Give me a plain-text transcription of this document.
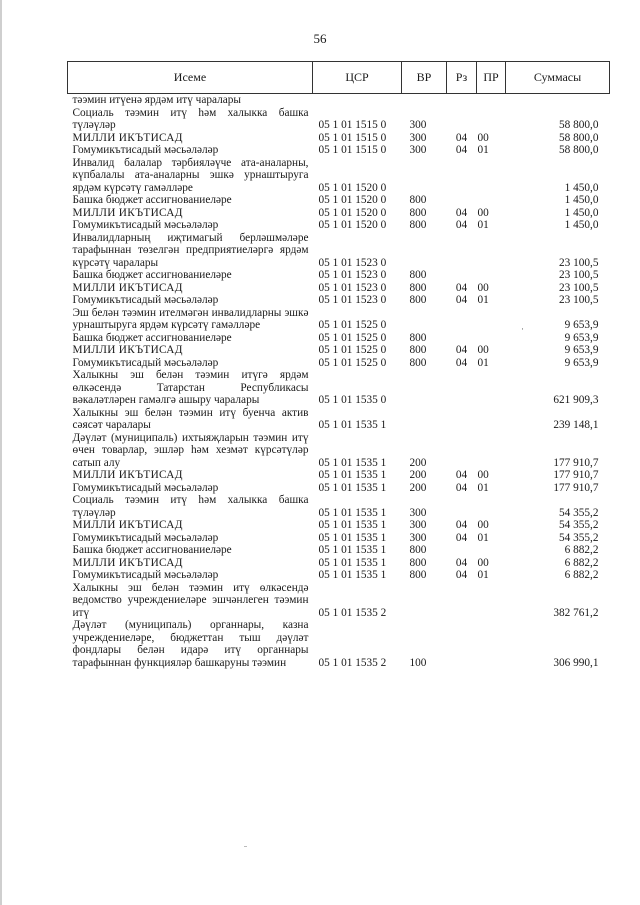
56
Исеме	ЦСР	ВР	Рз	ПР	Суммасы
тәэмин итүенә ярдәм итү чаралары					
Социаль тәэмин итү һәм халыкка башка түләүләр	05 1 01 1515 0	300			58 800,0
МИЛЛИ ИКЪТИСАД	05 1 01 1515 0	300	04	00	58 800,0
Гомумикътисадый мәсьәләләр	05 1 01 1515 0	300	04	01	58 800,0
Инвалид балалар тәрбияләүче ата-аналарны, күпбалалы ата-аналарны эшкә урнаштыруга ярдәм күрсәтү гамәлләре	05 1 01 1520 0				1 450,0
Башка бюджет ассигнованиеләре	05 1 01 1520 0	800			1 450,0
МИЛЛИ ИКЪТИСАД	05 1 01 1520 0	800	04	00	1 450,0
Гомумикътисадый мәсьәләләр	05 1 01 1520 0	800	04	01	1 450,0
Инвалидларның иҗтимагый берләшмәләре тарафыннан төзелгән предприятиеләргә ярдәм күрсәтү чаралары	05 1 01 1523 0				23 100,5
Башка бюджет ассигнованиеләре	05 1 01 1523 0	800			23 100,5
МИЛЛИ ИКЪТИСАД	05 1 01 1523 0	800	04	00	23 100,5
Гомумикътисадый мәсьәләләр	05 1 01 1523 0	800	04	01	23 100,5
Эш белән тәэмин ителмәгән инвалидларны эшкә урнаштыруга ярдәм күрсәтү гамәлләре	05 1 01 1525 0				9 653,9
Башка бюджет ассигнованиеләре	05 1 01 1525 0	800			9 653,9
МИЛЛИ ИКЪТИСАД	05 1 01 1525 0	800	04	00	9 653,9
Гомумикътисадый мәсьәләләр	05 1 01 1525 0	800	04	01	9 653,9
Халыкны эш белән тәэмин итүгә ярдәм өлкәсендә Татарстан Республикасы вәкаләтләрен гамәлгә ашыру чаралары	05 1 01 1535 0				621 909,3
Халыкны эш белән тәэмин итү буенча актив сәясәт чаралары	05 1 01 1535 1				239 148,1
Дәүләт (муниципаль) ихтыяҗларын тәэмин итү өчен товарлар, эшләр һәм хезмәт күрсәтүләр сатып алу	05 1 01 1535 1	200			177 910,7
МИЛЛИ ИКЪТИСАД	05 1 01 1535 1	200	04	00	177 910,7
Гомумикътисадый мәсьәләләр	05 1 01 1535 1	200	04	01	177 910,7
Социаль тәэмин итү һәм халыкка башка түләүләр	05 1 01 1535 1	300			54 355,2
МИЛЛИ ИКЪТИСАД	05 1 01 1535 1	300	04	00	54 355,2
Гомумикътисадый мәсьәләләр	05 1 01 1535 1	300	04	01	54 355,2
Башка бюджет ассигнованиеләре	05 1 01 1535 1	800			6 882,2
МИЛЛИ ИКЪТИСАД	05 1 01 1535 1	800	04	00	6 882,2
Гомумикътисадый мәсьәләләр	05 1 01 1535 1	800	04	01	6 882,2
Халыкны эш белән тәэмин итү өлкәсендә ведомство учреждениеләре эшчәнлеген тәэмин итү	05 1 01 1535 2				382 761,2
Дәүләт (муниципаль) органнары, казна учреждениеләре, бюджеттан тыш дәүләт фондлары белән идарә итү органнары тарафыннан функцияләр башкаруны тәэмин	05 1 01 1535 2	100			306 990,1
·
